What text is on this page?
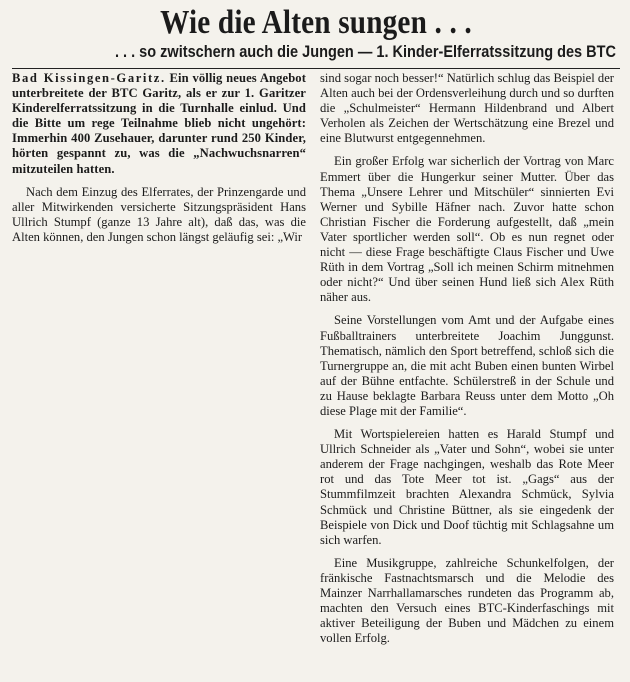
Wie die Alten sungen . . .
. . . so zwitschern auch die Jungen — 1. Kinder-Elferratssitzung des BTC

Bad Kissingen-Garitz. Ein völlig neues Angebot unterbreitete der BTC Garitz, als er zur 1. Garitzer Kinderelferratssitzung in die Turnhalle einlud. Und die Bitte um rege Teilnahme blieb nicht ungehört: Immerhin 400 Zusehauer, darunter rund 250 Kinder, hörten gespannt zu, was die „Nachwuchsnarren“ mitzuteilen hatten.

Nach dem Einzug des Elferrates, der Prinzengarde und aller Mitwirkenden versicherte Sitzungspräsident Hans Ullrich Stumpf (ganze 13 Jahre alt), daß das, was die Alten können, den Jungen schon längst geläufig sei: „Wir

sind sogar noch besser!“ Natürlich schlug das Beispiel der Alten auch bei der Ordensverleihung durch und so durften die „Schulmeister“ Hermann Hildenbrand und Albert Verholen als Zeichen der Wertschätzung eine Brezel und eine Blutwurst entgegennehmen.

Ein großer Erfolg war sicherlich der Vortrag von Marc Emmert über die Hungerkur seiner Mutter. Über das Thema „Unsere Lehrer und Mitschüler“ sinnierten Evi Werner und Sybille Häfner nach. Zuvor hatte schon Christian Fischer die Forderung aufgestellt, daß „mein Vater sportlicher werden soll“. Ob es nun regnet oder nicht — diese Frage beschäftigte Claus Fischer und Uwe Rüth in dem Vortrag „Soll ich meinen Schirm mitnehmen oder nicht?“ Und über seinen Hund ließ sich Alex Rüth näher aus.

Seine Vorstellungen vom Amt und der Aufgabe eines Fußballtrainers unterbreitete Joachim Junggunst. Thematisch, nämlich den Sport betreffend, schloß sich die Turnergruppe an, die mit acht Buben einen bunten Wirbel auf der Bühne entfachte. Schülerstreß in der Schule und zu Hause beklagte Barbara Reuss unter dem Motto „Oh diese Plage mit der Familie“.

Mit Wortspielereien hatten es Harald Stumpf und Ullrich Schneider als „Vater und Sohn“, wobei sie unter anderem der Frage nachgingen, weshalb das Rote Meer rot und das Tote Meer tot ist. „Gags“ aus der Stummfilmzeit brachten Alexandra Schmück, Sylvia Schmück und Christine Büttner, als sie eingedenk der Beispiele von Dick und Doof tüchtig mit Schlagsahne um sich warfen.

Eine Musikgruppe, zahlreiche Schunkelfolgen, der fränkische Fastnachtsmarsch und die Melodie des Mainzer Narrhallamarsches rundeten das Programm ab, machten den Versuch eines BTC-Kinderfaschings mit aktiver Beteiligung der Buben und Mädchen zu einem vollen Erfolg.
